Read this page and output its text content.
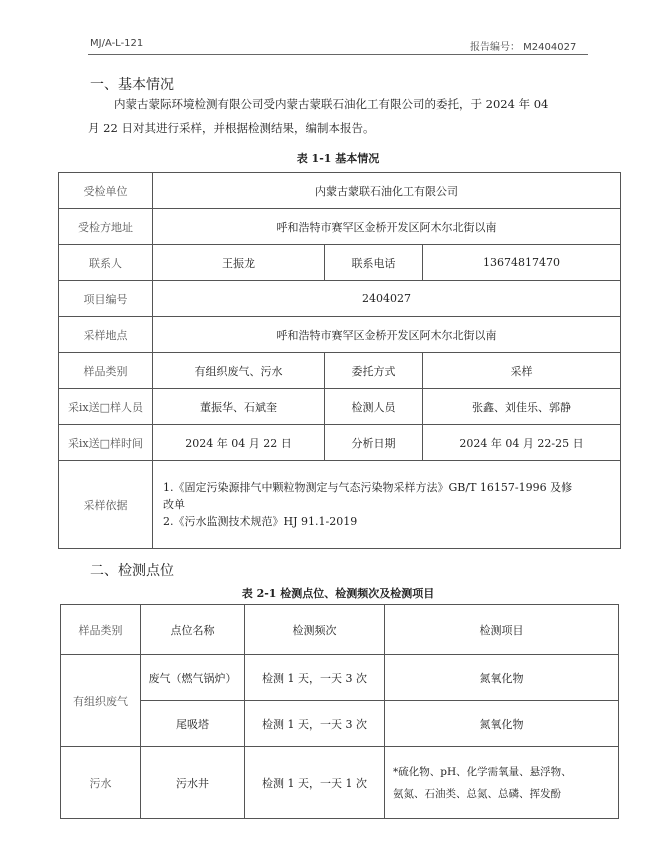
MJ/A-L-121	报告编号： M2404027
一、基本情况
内蒙古蒙际环境检测有限公司受内蒙古蒙联石油化工有限公司的委托，于 2024 年 04
月 22 日对其进行采样，并根据检测结果，编制本报告。
表 1-1 基本情况
受检单位	内蒙古蒙联石油化工有限公司		
受检方地址	呼和浩特市赛罕区金桥开发区阿木尔北街以南		
联系人	王振龙	联系电话	13674817470
项目编号	2404027		
采样地点	呼和浩特市赛罕区金桥开发区阿木尔北街以南		
样品类别	有组织废气、污水	委托方式	采样
采ⅸ送□样人员	董振华、石斌奎	检测人员	张鑫、刘佳乐、郭静
采ⅸ送□样时间	2024 年 04 月 22 日	分析日期	2024 年 04 月 22-25 日
采样依据	1.《固定污染源排气中颗粒物测定与气态污染物采样方法》GB/T 16157-1996 及修
改单
2.《污水监测技术规范》HJ 91.1-2019		
二、检测点位
表 2-1 检测点位、检测频次及检测项目
样品类别	点位名称	检测频次	检测项目
有组织废气	废气（燃气锅炉）	检测 1 天，一天 3 次	氮氧化物
	尾吸塔	检测 1 天，一天 3 次	氮氧化物
污水	污水井	检测 1 天，一天 1 次	*硫化物、pH、化学需氧量、悬浮物、
氨氮、石油类、总氮、总磷、挥发酚
